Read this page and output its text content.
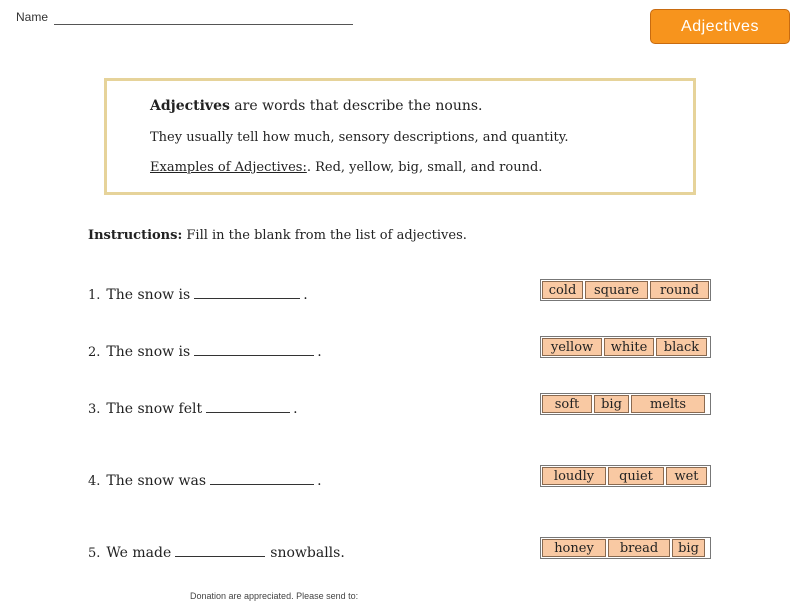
Name
Adjectives
Adjectives are words that describe the nouns.
They usually tell how much, sensory descriptions, and quantity.
Examples of Adjectives:. Red, yellow, big, small, and round.
Instructions: Fill in the blank from the list of adjectives.
1. The snow is	.	cold	square	round
2. The snow is	.	yellow	white	black
3. The snow felt	.	soft	big	melts
4. The snow was	.	loudly	quiet	wet
5. We made	snowballs.	honey	bread	big
Donation are appreciated. Please send to:
